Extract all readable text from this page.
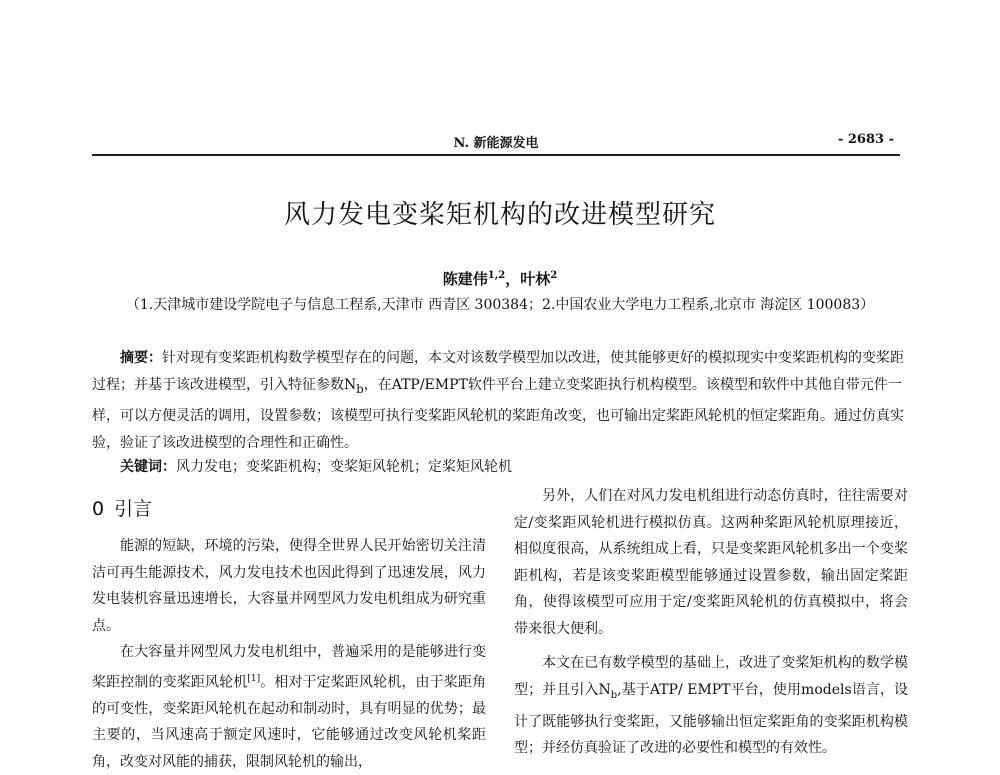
N. 新能源发电	- 2683 -
风力发电变桨矩机构的改进模型研究
陈建伟$^{1,2}$，叶林$^2$
（1.天津城市建设学院电子与信息工程系,天津市 西青区 300384；2.中国农业大学电力工程系,北京市 海淀区 100083）

摘要：针对现有变桨距机构数学模型存在的问题，本文对该数学模型加以改进，使其能够更好的模拟现实中变桨距机构的变桨距过程；并基于该改进模型，引入特征参数$N_b$，在ATP/EMPT软件平台上建立变桨距执行机构模型。该模型和软件中其他自带元件一样，可以方便灵活的调用，设置参数；该模型可执行变桨距风轮机的桨距角改变，也可输出定桨距风轮机的恒定桨距角。通过仿真实验，验证了该改进模型的合理性和正确性。

关键词：风力发电；变桨距机构；变桨矩风轮机；定桨矩风轮机

0 引言

能源的短缺，环境的污染，使得全世界人民开始密切关注清洁可再生能源技术，风力发电技术也因此得到了迅速发展，风力发电装机容量迅速增长，大容量并网型风力发电机组成为研究重点。

在大容量并网型风力发电机组中，普遍采用的是能够进行变桨距控制的变桨距风轮机[1]。相对于定桨距风轮机，由于桨距角的可变性，变桨距风轮机在起动和制动时，具有明显的优势；最主要的，当风速高于额定风速时，它能够通过改变风轮机桨距角，改变对风能的捕获，限制风轮机的输出，

另外，人们在对风力发电机组进行动态仿真时，往往需要对定/变桨距风轮机进行模拟仿真。这两种桨距风轮机原理接近，相似度很高，从系统组成上看，只是变桨距风轮机多出一个变桨距机构，若是该变桨距模型能够通过设置参数，输出固定桨距角，使得该模型可应用于定/变桨距风轮机的仿真模拟中，将会带来很大便利。

本文在已有数学模型的基础上，改进了变桨矩机构的数学模型；并且引入$N_b$,基于ATP/ EMPT平台，使用models语言，设计了既能够执行变桨距，又能够输出恒定桨距角的变桨距机构模型；并经仿真验证了改进的必要性和模型的有效性。
